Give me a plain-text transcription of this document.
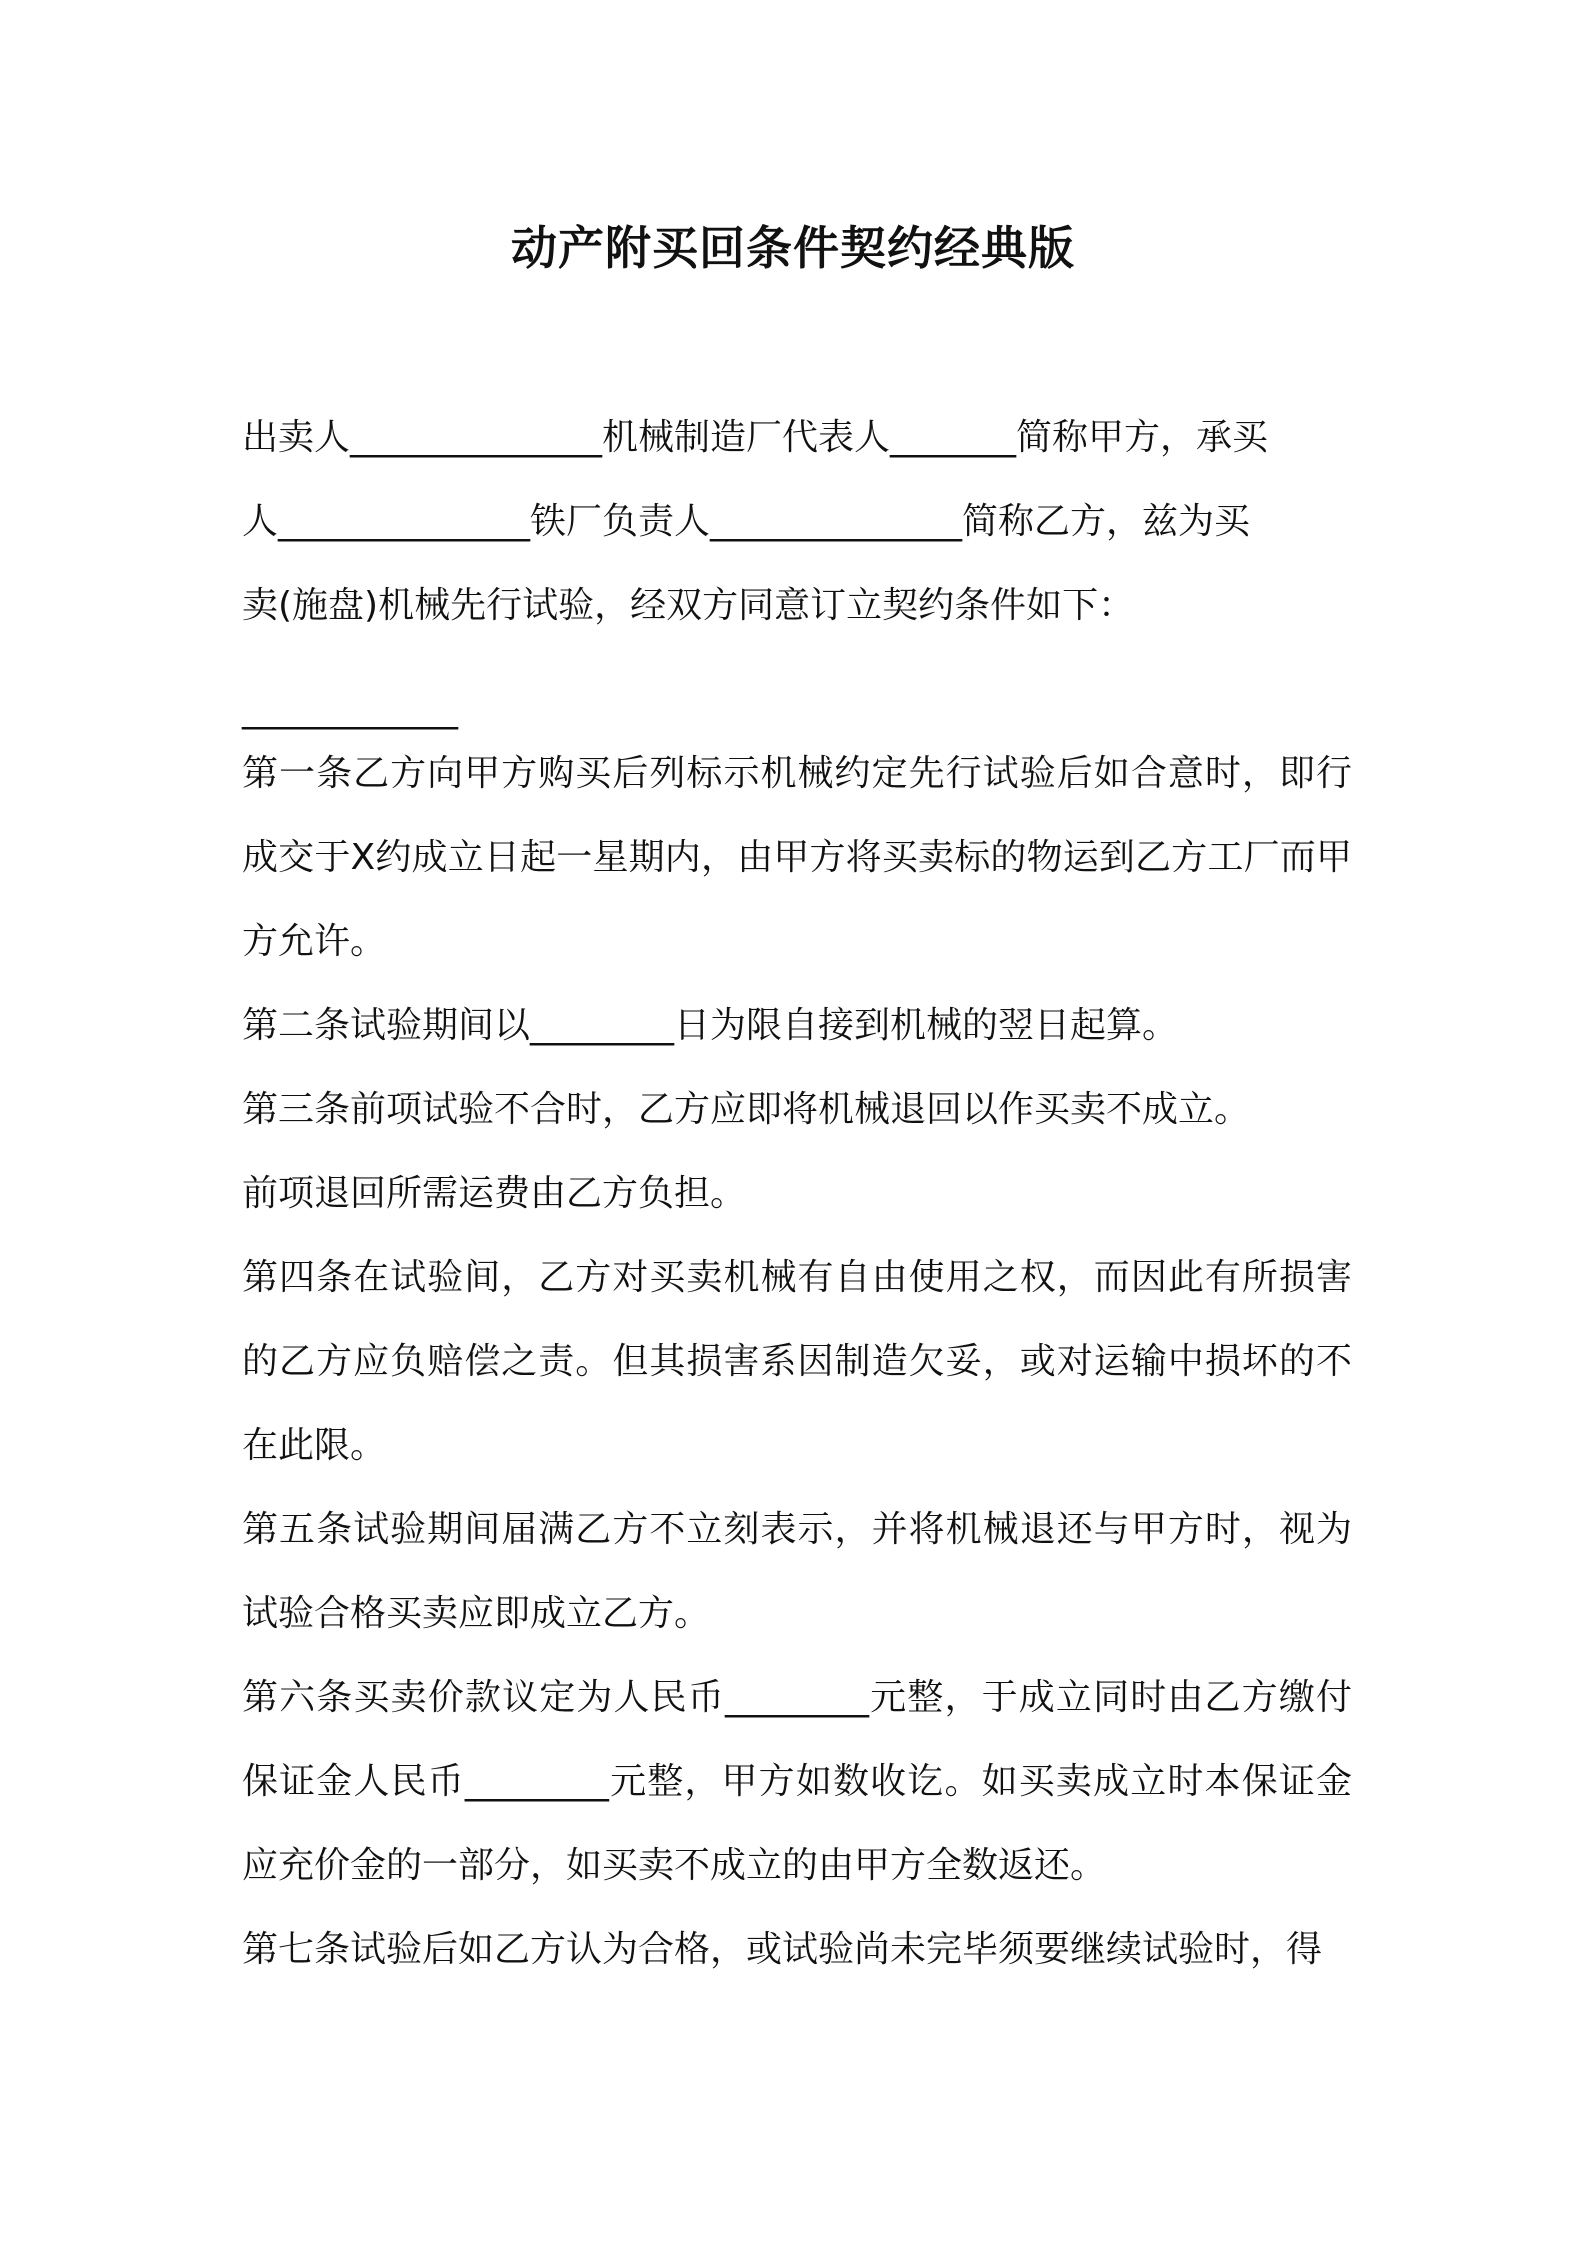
动产附买回条件契约经典版
出卖人______________机械制造厂代表人_______简称甲方，承买
人______________铁厂负责人______________简称乙方，兹为买
卖(施盘)机械先行试验，经双方同意订立契约条件如下：
____________

第一条乙方向甲方购买后列标示机械约定先行试验后如合意时，即行成交于X约成立日起一星期内，由甲方将买卖标的物运到乙方工厂而甲方允许。

第二条试验期间以________日为限自接到机械的翌日起算。

第三条前项试验不合时，乙方应即将机械退回以作买卖不成立。

前项退回所需运费由乙方负担。

第四条在试验间，乙方对买卖机械有自由使用之权，而因此有所损害的乙方应负赔偿之责。但其损害系因制造欠妥，或对运输中损坏的不在此限。

第五条试验期间届满乙方不立刻表示，并将机械退还与甲方时，视为试验合格买卖应即成立乙方。

第六条买卖价款议定为人民币________元整，于成立同时由乙方缴付保证金人民币________元整，甲方如数收讫。如买卖成立时本保证金应充价金的一部分，如买卖不成立的由甲方全数返还。

第七条试验后如乙方认为合格，或试验尚未完毕须要继续试验时，得
